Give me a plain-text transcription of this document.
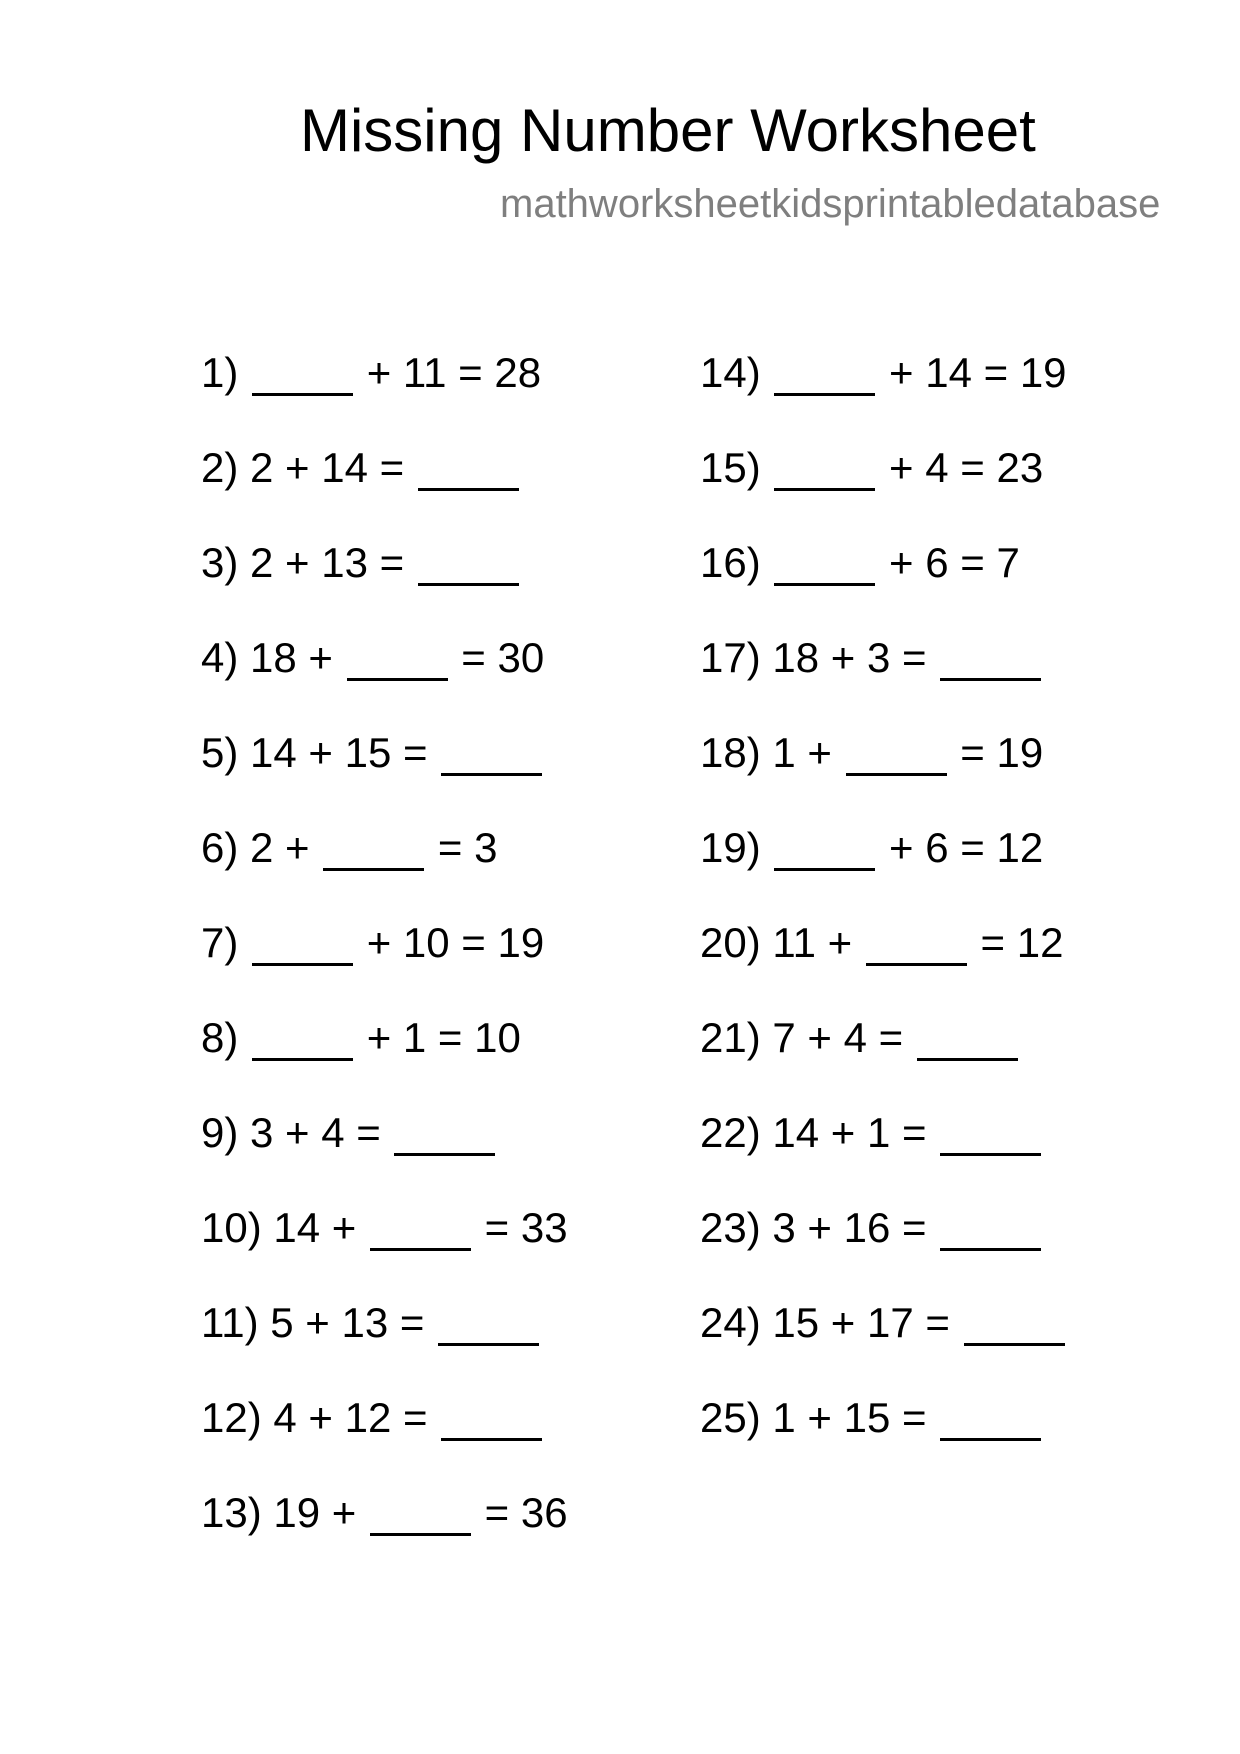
Missing Number Worksheet
mathworksheetkidsprintabledatabase
1)	+ 11 = 28
2) 2 + 14 =
3) 2 + 13 =
4) 18 +	= 30
5) 14 + 15 =
6) 2 +	= 3
7)	+ 10 = 19
8)	+ 1 = 10
9) 3 + 4 =
10) 14 +	= 33
11) 5 + 13 =
12) 4 + 12 =
13) 19 +	= 36
14)	+ 14 = 19
15)	+ 4 = 23
16)	+ 6 = 7
17) 18 + 3 =
18) 1 +	= 19
19)	+ 6 = 12
20) 11 +	= 12
21) 7 + 4 =
22) 14 + 1 =
23) 3 + 16 =
24) 15 + 17 =
25) 1 + 15 =
